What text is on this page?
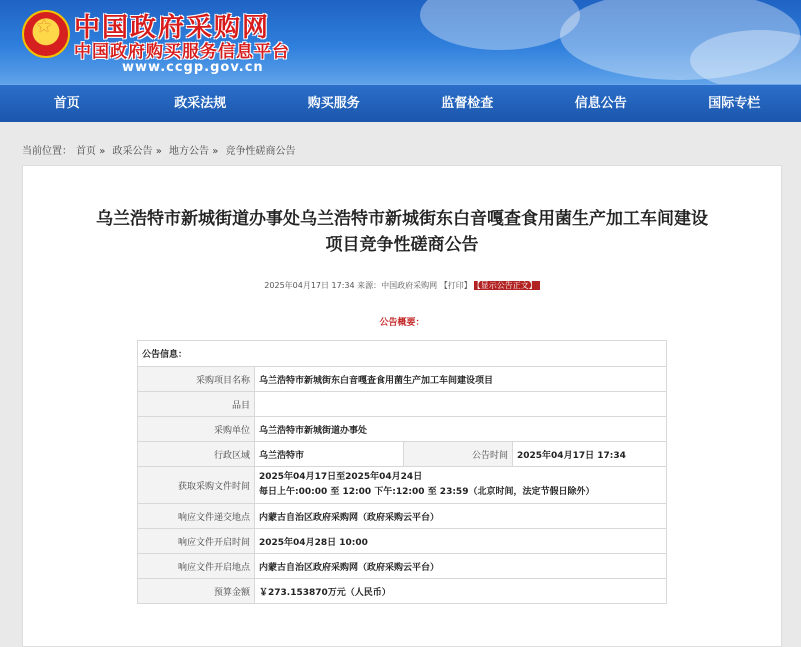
★
中国政府采购网
中国政府购买服务信息平台
www.ccgp.gov.cn
首页	政采法规	购买服务	监督检查	信息公告	国际专栏
当前位置： 首页 » 政采公告 » 地方公告 » 竞争性磋商公告
乌兰浩特市新城街道办事处乌兰浩特市新城街东白音嘎查食用菌生产加工车间建设
项目竞争性磋商公告
2025年04月17日 17:34 来源：中国政府采购网 【打印】 【显示公告正文】
公告概要：
公告信息：			
采购项目名称	乌兰浩特市新城街东白音嘎查食用菌生产加工车间建设项目		
品目			
采购单位	乌兰浩特市新城街道办事处		
行政区域	乌兰浩特市	公告时间	2025年04月17日 17:34
获取采购文件时间	2025年04月17日至2025年04月24日
每日上午:00:00 至 12:00 下午:12:00 至 23:59（北京时间，法定节假日除外）		

响应文件递交地点	内蒙古自治区政府采购网（政府采购云平台）		
响应文件开启时间	2025年04月28日 10:00		
响应文件开启地点	内蒙古自治区政府采购网（政府采购云平台）		
预算金额	￥273.153870万元（人民币）		
